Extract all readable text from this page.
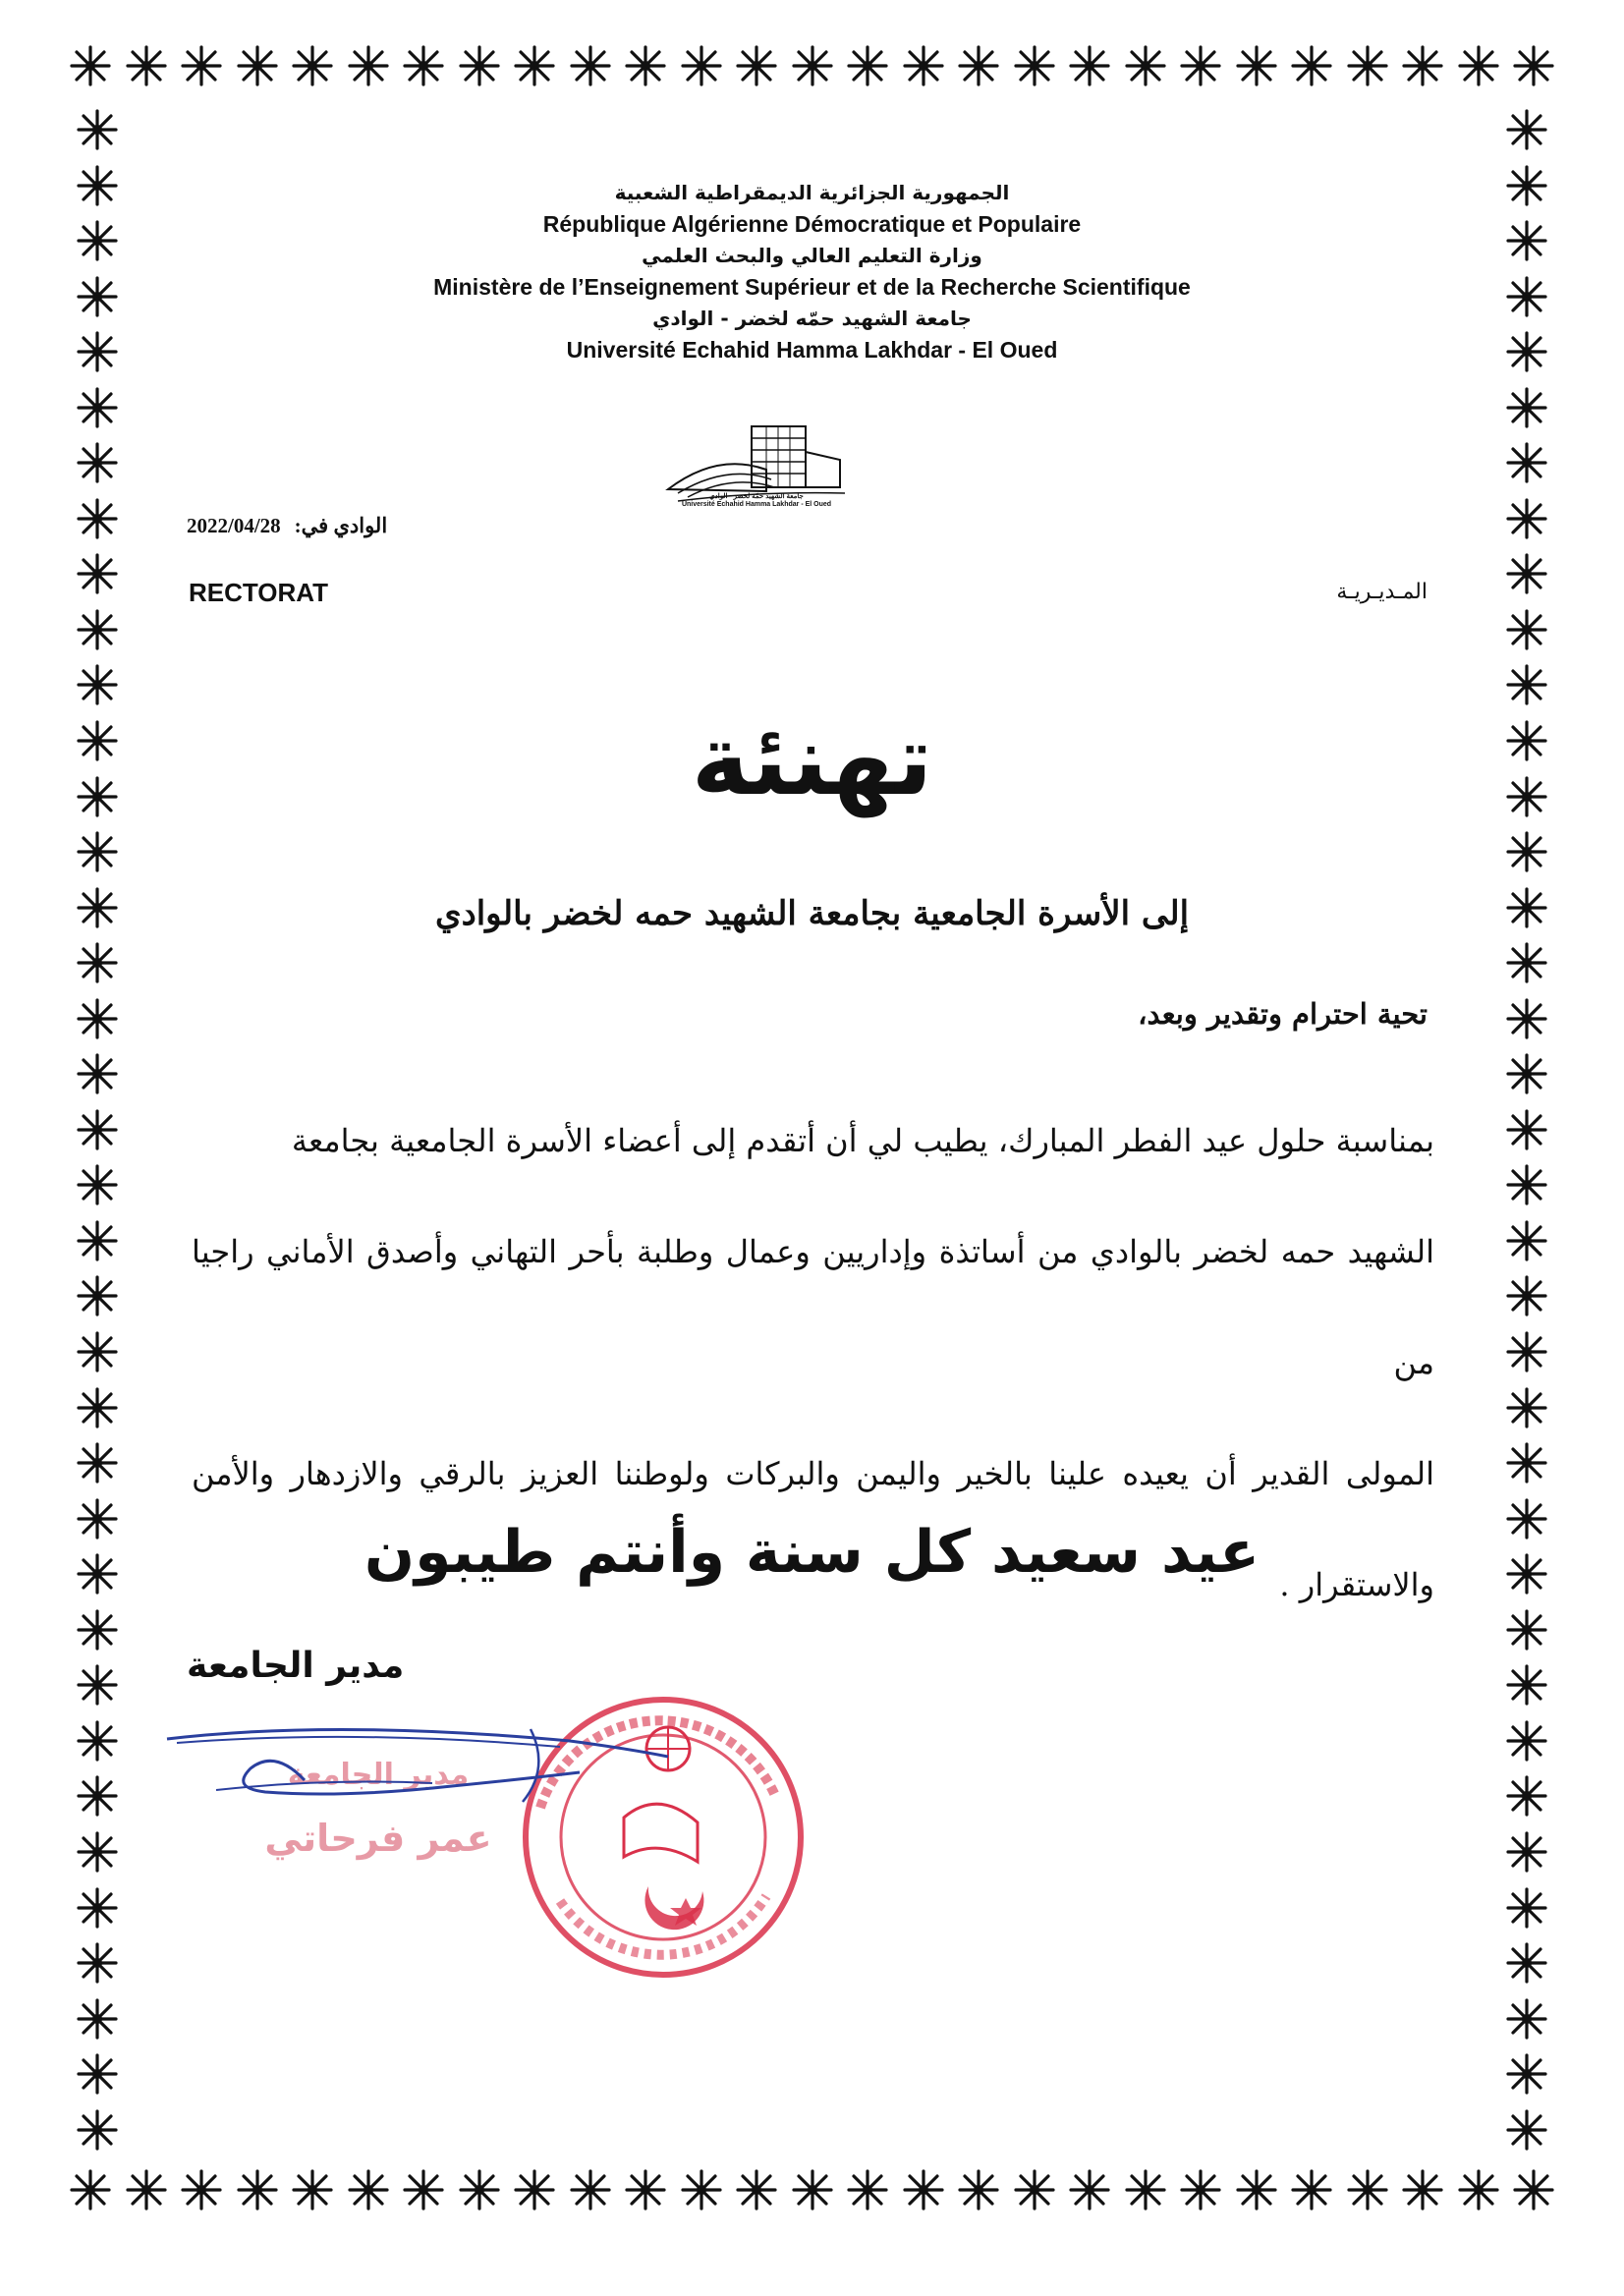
الجمهورية الجزائرية الديمقراطية الشعبية
République Algérienne Démocratique et Populaire
وزارة التعليم العالي والبحث العلمي
Ministère de l’Enseignement Supérieur et de la Recherche Scientifique
جامعة الشهيد حمّه لخضر - الوادي
Université Echahid Hamma Lakhdar - El Oued
جامعة الشهيد حمّه لخضر - الوادي
Université Echahid Hamma Lakhdar - El Oued
الوادي في:
2022/04/28
RECTORAT	المـديـريـة
تهنئة
إلى الأسرة الجامعية بجامعة الشهيد حمه لخضر بالوادي
تحية احترام وتقدير وبعد،
بمناسبة حلول عيد الفطر المبارك، يطيب لي أن أتقدم إلى أعضاء الأسرة الجامعية بجامعة
الشهيد حمه لخضر بالوادي من أساتذة وإداريين وعمال وطلبة بأحر التهاني وأصدق الأماني راجيا من
المولى القدير أن يعيده علينا بالخير واليمن والبركات ولوطننا العزيز بالرقي والازدهار والأمن والاستقرار .
عيد سعيد كل سنة وأنتم طيبون
مدير الجامعة
مدير الجامعة
عمر فرحاتي
